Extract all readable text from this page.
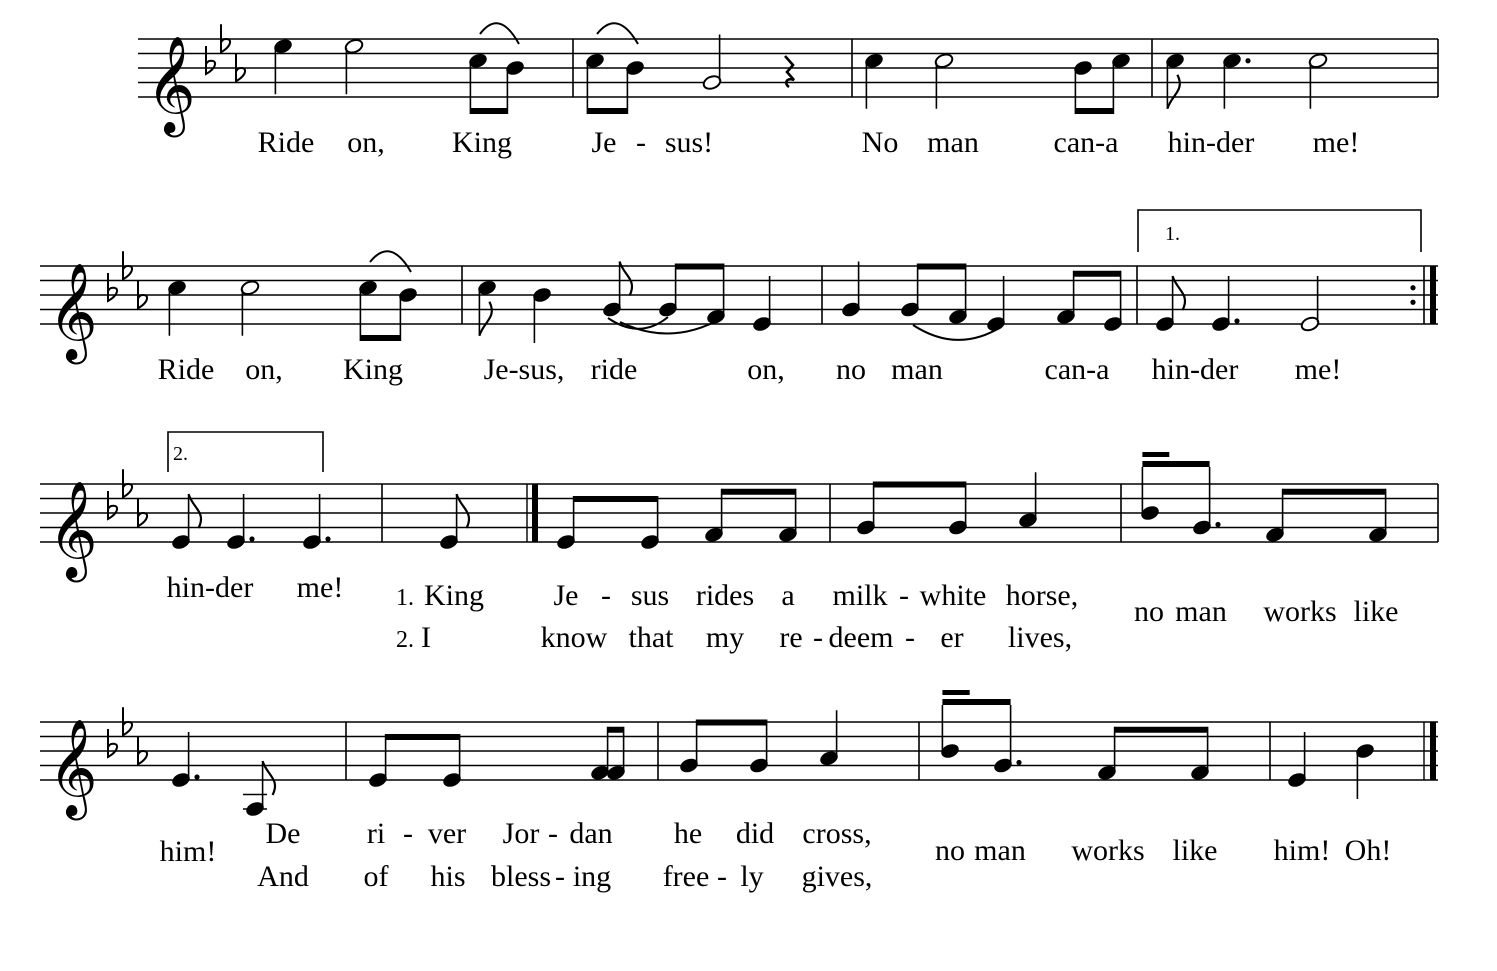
𝄞
𝄞
𝄞
𝄞
Ride on, King	Je - sus!	No man can-a hin-der me!
Ride on, King	Je-sus, ride	on, no man	can-a hin-der me!
1.
2.
hin-der me! 1. King Je - sus rides a milk - white horse, no man works like
2. I	know that my re - deem - er lives,
him!
De ri - ver Jor - dan he did cross,
no man works like him! Oh!
And of his bless - ing free - ly gives,
